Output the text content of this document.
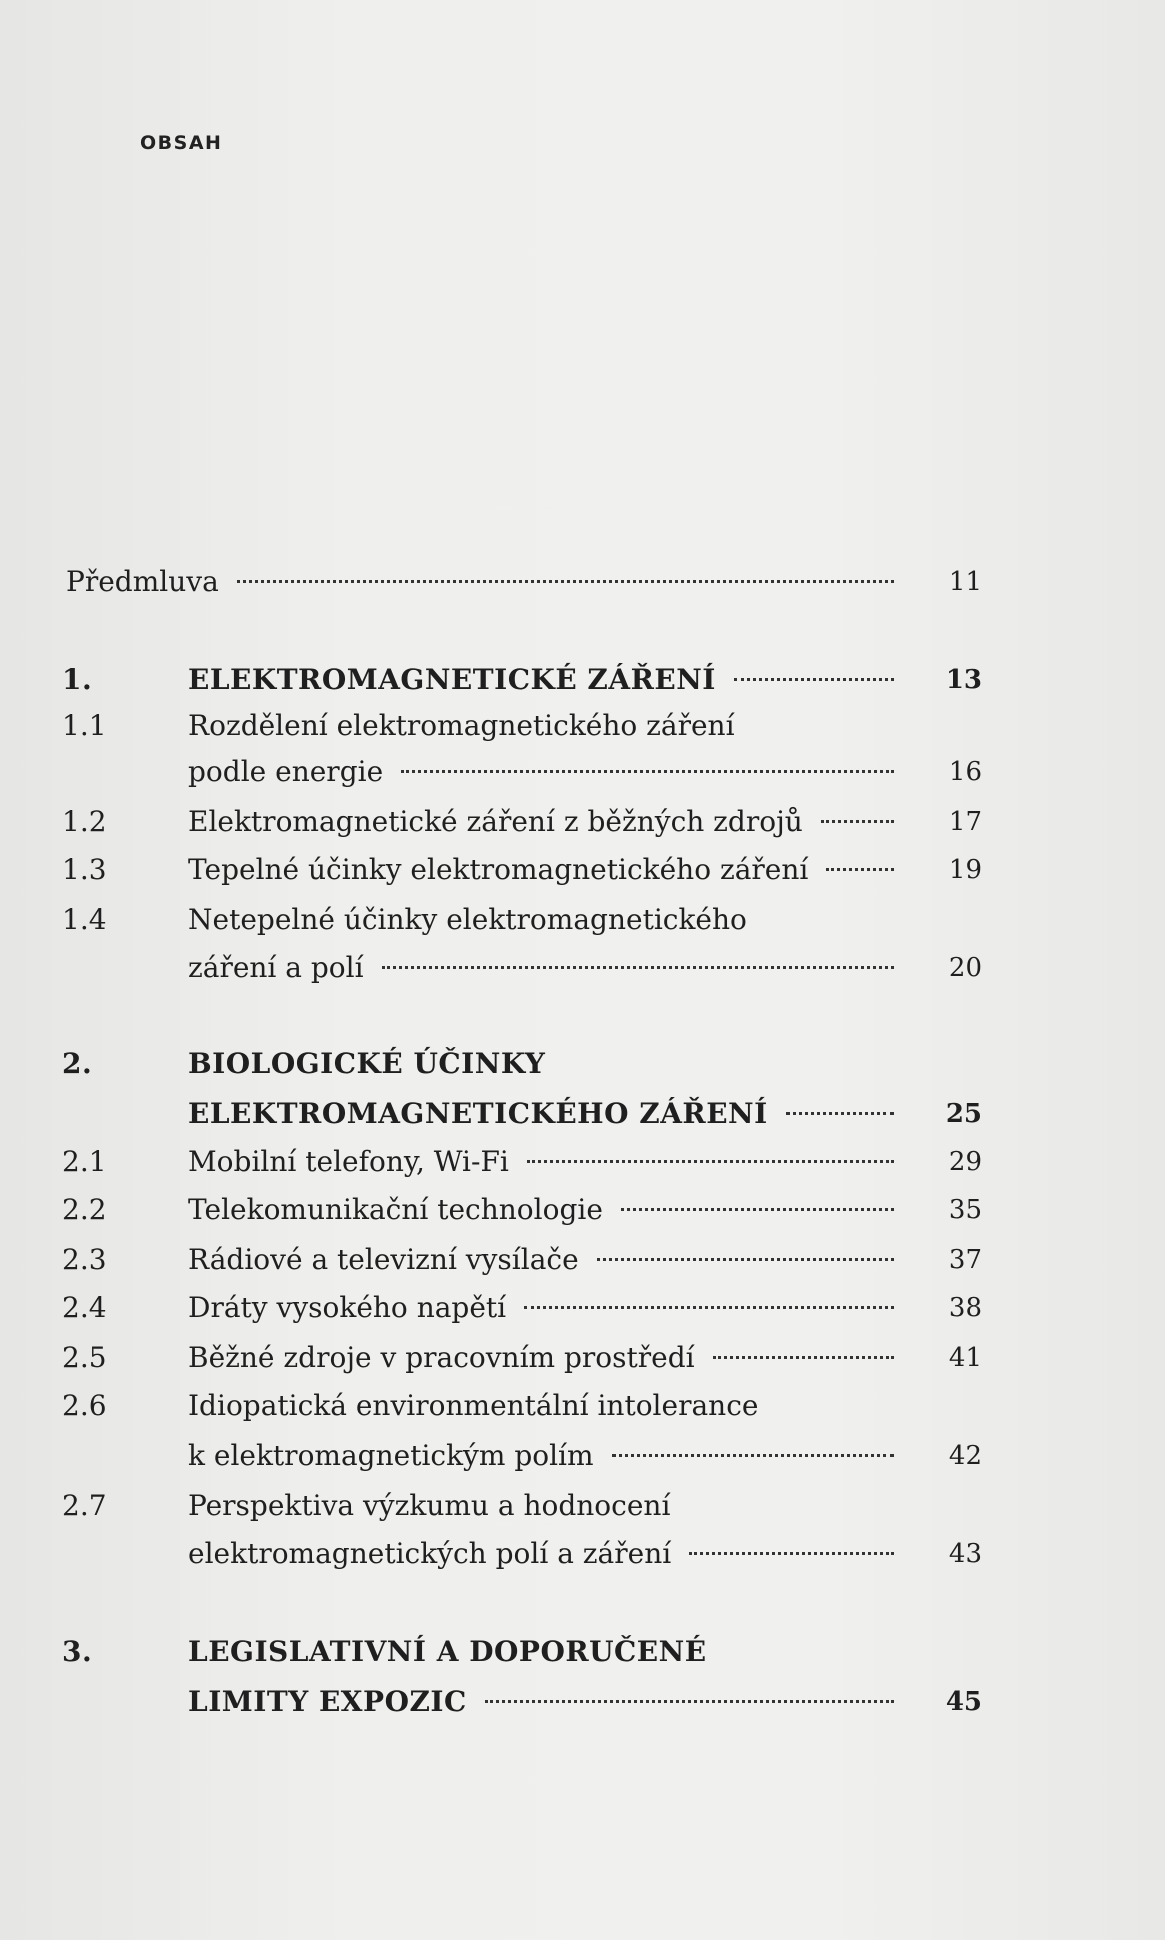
OBSAH
Předmluva	11
1.	ELEKTROMAGNETICKÉ ZÁŘENÍ	13
1.1	Rozdělení elektromagnetického záření
podle energie	16
1.2	Elektromagnetické záření z běžných zdrojů	17
1.3	Tepelné účinky elektromagnetického záření	19
1.4	Netepelné účinky elektromagnetického
záření a polí	20
2.	BIOLOGICKÉ ÚČINKY
ELEKTROMAGNETICKÉHO ZÁŘENÍ	25
2.1	Mobilní telefony, Wi-Fi	29
2.2	Telekomunikační technologie	35
2.3	Rádiové a televizní vysílače	37
2.4	Dráty vysokého napětí	38
2.5	Běžné zdroje v pracovním prostředí	41
2.6	Idiopatická environmentální intolerance
k elektromagnetickým polím	42
2.7	Perspektiva výzkumu a hodnocení
elektromagnetických polí a záření	43
3.	LEGISLATIVNÍ A DOPORUČENÉ
LIMITY EXPOZIC	45
